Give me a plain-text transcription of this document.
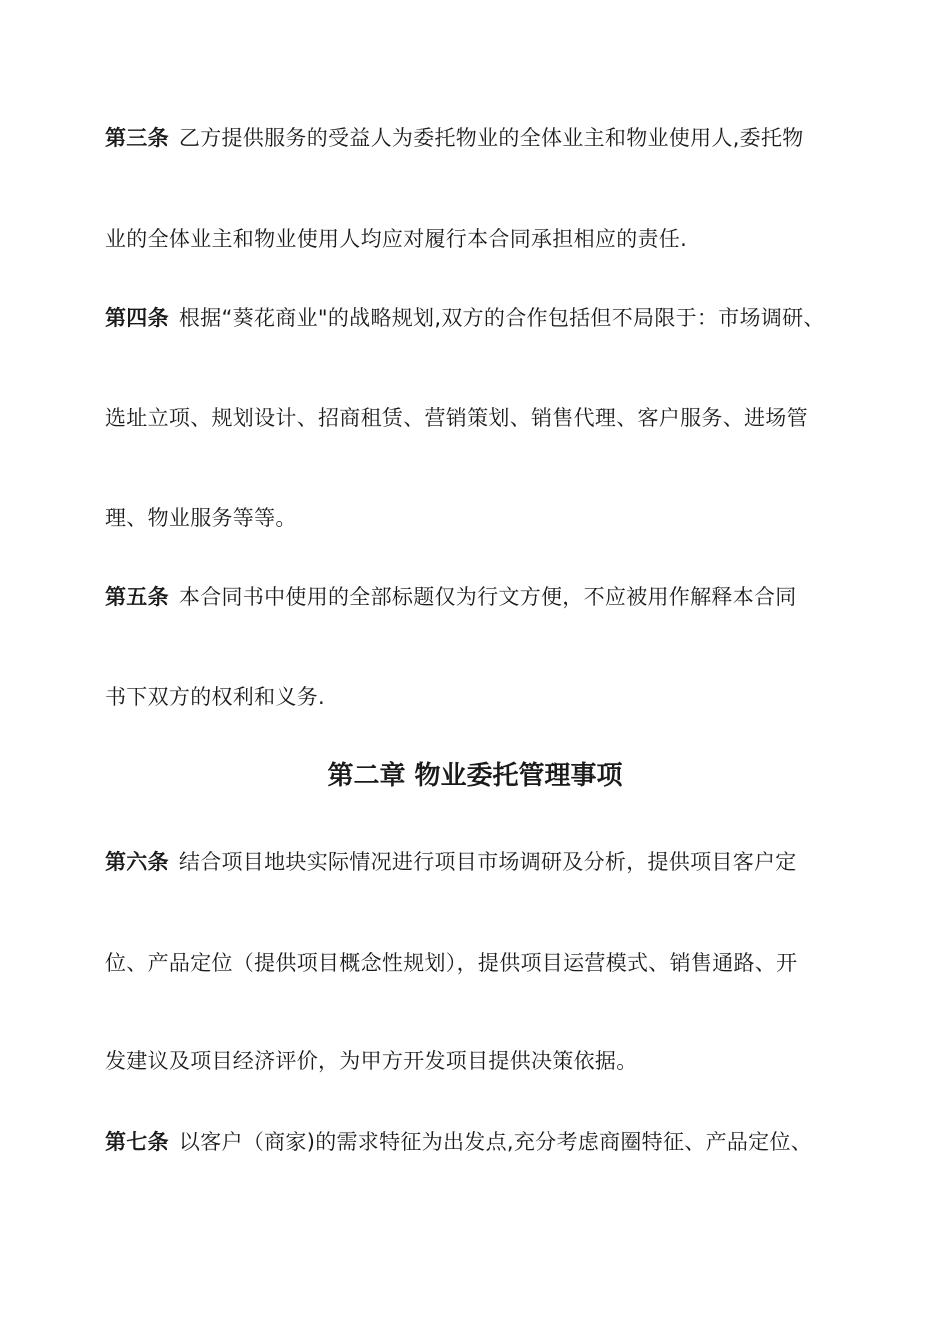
第三条 乙方提供服务的受益人为委托物业的全体业主和物业使用人,委托物
业的全体业主和物业使用人均应对履行本合同承担相应的责任.
第四条 根据“葵花商业"的战略规划,双方的合作包括但不局限于：市场调研、
选址立项、规划设计、招商租赁、营销策划、销售代理、客户服务、进场管
理、物业服务等等。
第五条 本合同书中使用的全部标题仅为行文方便，不应被用作解释本合同
书下双方的权利和义务.
第二章 物业委托管理事项
第六条 结合项目地块实际情况进行项目市场调研及分析，提供项目客户定
位、产品定位（提供项目概念性规划），提供项目运营模式、销售通路、开
发建议及项目经济评价，为甲方开发项目提供决策依据。
第七条 以客户（商家)的需求特征为出发点,充分考虑商圈特征、产品定位、
